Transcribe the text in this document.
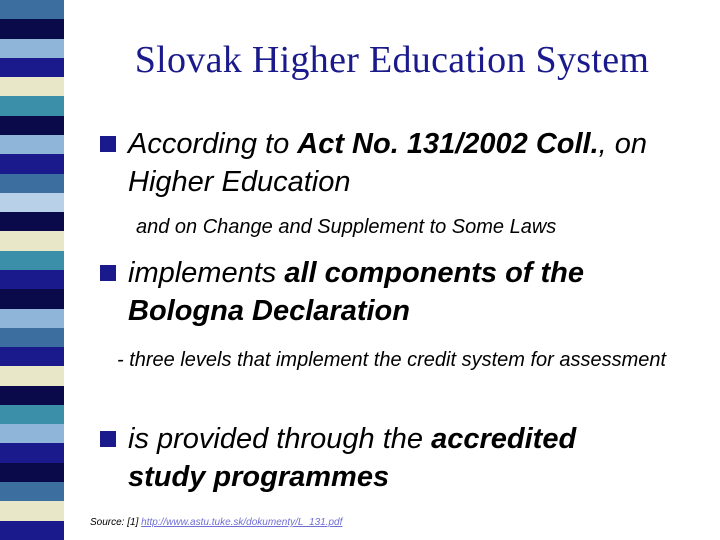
Slovak Higher Education System
According to Act No. 131/2002 Coll., on Higher Education
and on Change and Supplement to Some Laws
implements all components of the Bologna Declaration
- three levels that implement the credit system for assessment
is provided through the accredited study programmes
Source: [1] http://www.astu.tuke.sk/dokumenty/L_131.pdf
